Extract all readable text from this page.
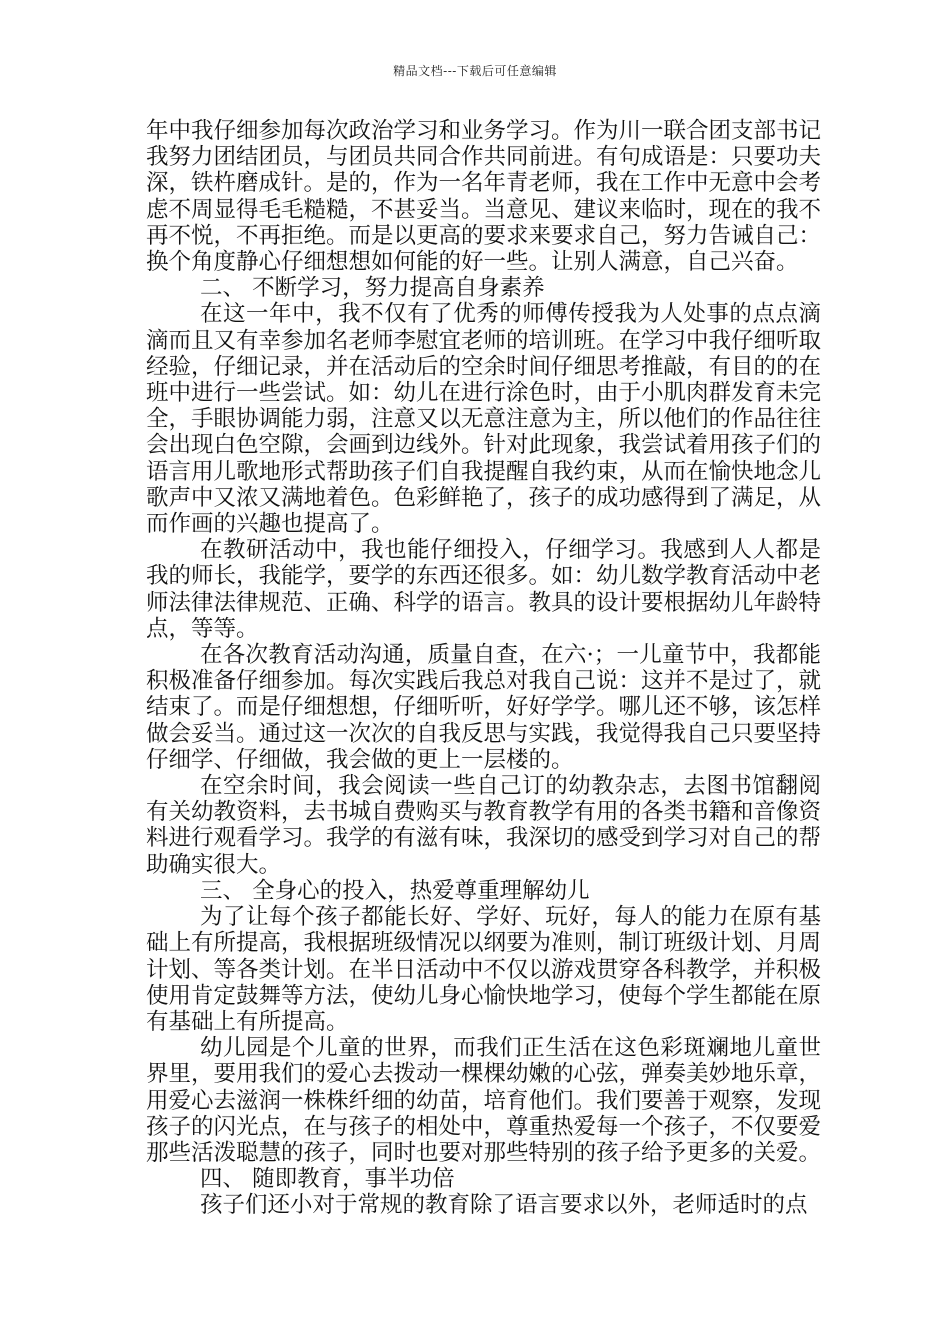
精品文档---下载后可任意编辑

年中我仔细参加每次政治学习和业务学习。作为川一联合团支部书记我努力团结团员，与团员共同合作共同前进。有句成语是：只要功夫深，铁杵磨成针。是的，作为一名年青老师，我在工作中无意中会考虑不周显得毛毛糙糙，不甚妥当。当意见、建议来临时，现在的我不再不悦，不再拒绝。而是以更高的要求来要求自己，努力告诫自己：换个角度静心仔细想想如何能的好一些。让别人满意，自己兴奋。

二、 不断学习，努力提高自身素养

在这一年中，我不仅有了优秀的师傅传授我为人处事的点点滴滴而且又有幸参加名老师李慰宜老师的培训班。在学习中我仔细听取经验，仔细记录，并在活动后的空余时间仔细思考推敲，有目的的在班中进行一些尝试。如：幼儿在进行涂色时，由于小肌肉群发育未完全，手眼协调能力弱，注意又以无意注意为主，所以他们的作品往往会出现白色空隙，会画到边线外。针对此现象，我尝试着用孩子们的语言用儿歌地形式帮助孩子们自我提醒自我约束，从而在愉快地念儿歌声中又浓又满地着色。色彩鲜艳了，孩子的成功感得到了满足，从而作画的兴趣也提高了。

在教研活动中，我也能仔细投入，仔细学习。我感到人人都是我的师长，我能学，要学的东西还很多。如：幼儿数学教育活动中老师法律法律规范、正确、科学的语言。教具的设计要根据幼儿年龄特点，等等。

在各次教育活动沟通，质量自查，在六·；一儿童节中，我都能积极准备仔细参加。每次实践后我总对我自己说：这并不是过了，就结束了。而是仔细想想，仔细听听，好好学学。哪儿还不够，该怎样做会妥当。通过这一次次的自我反思与实践，我觉得我自己只要坚持仔细学、仔细做，我会做的更上一层楼的。

在空余时间，我会阅读一些自己订的幼教杂志，去图书馆翻阅有关幼教资料，去书城自费购买与教育教学有用的各类书籍和音像资料进行观看学习。我学的有滋有味，我深切的感受到学习对自己的帮助确实很大。

三、 全身心的投入，热爱尊重理解幼儿

为了让每个孩子都能长好、学好、玩好，每人的能力在原有基础上有所提高，我根据班级情况以纲要为准则，制订班级计划、月周计划、等各类计划。在半日活动中不仅以游戏贯穿各科教学，并积极使用肯定鼓舞等方法，使幼儿身心愉快地学习，使每个学生都能在原有基础上有所提高。

幼儿园是个儿童的世界，而我们正生活在这色彩斑斓地儿童世界里，要用我们的爱心去拨动一棵棵幼嫩的心弦，弹奏美妙地乐章，用爱心去滋润一株株纤细的幼苗，培育他们。我们要善于观察，发现孩子的闪光点，在与孩子的相处中，尊重热爱每一个孩子，不仅要爱那些活泼聪慧的孩子，同时也要对那些特别的孩子给予更多的关爱。

四、 随即教育，事半功倍

孩子们还小对于常规的教育除了语言要求以外，老师适时的点
